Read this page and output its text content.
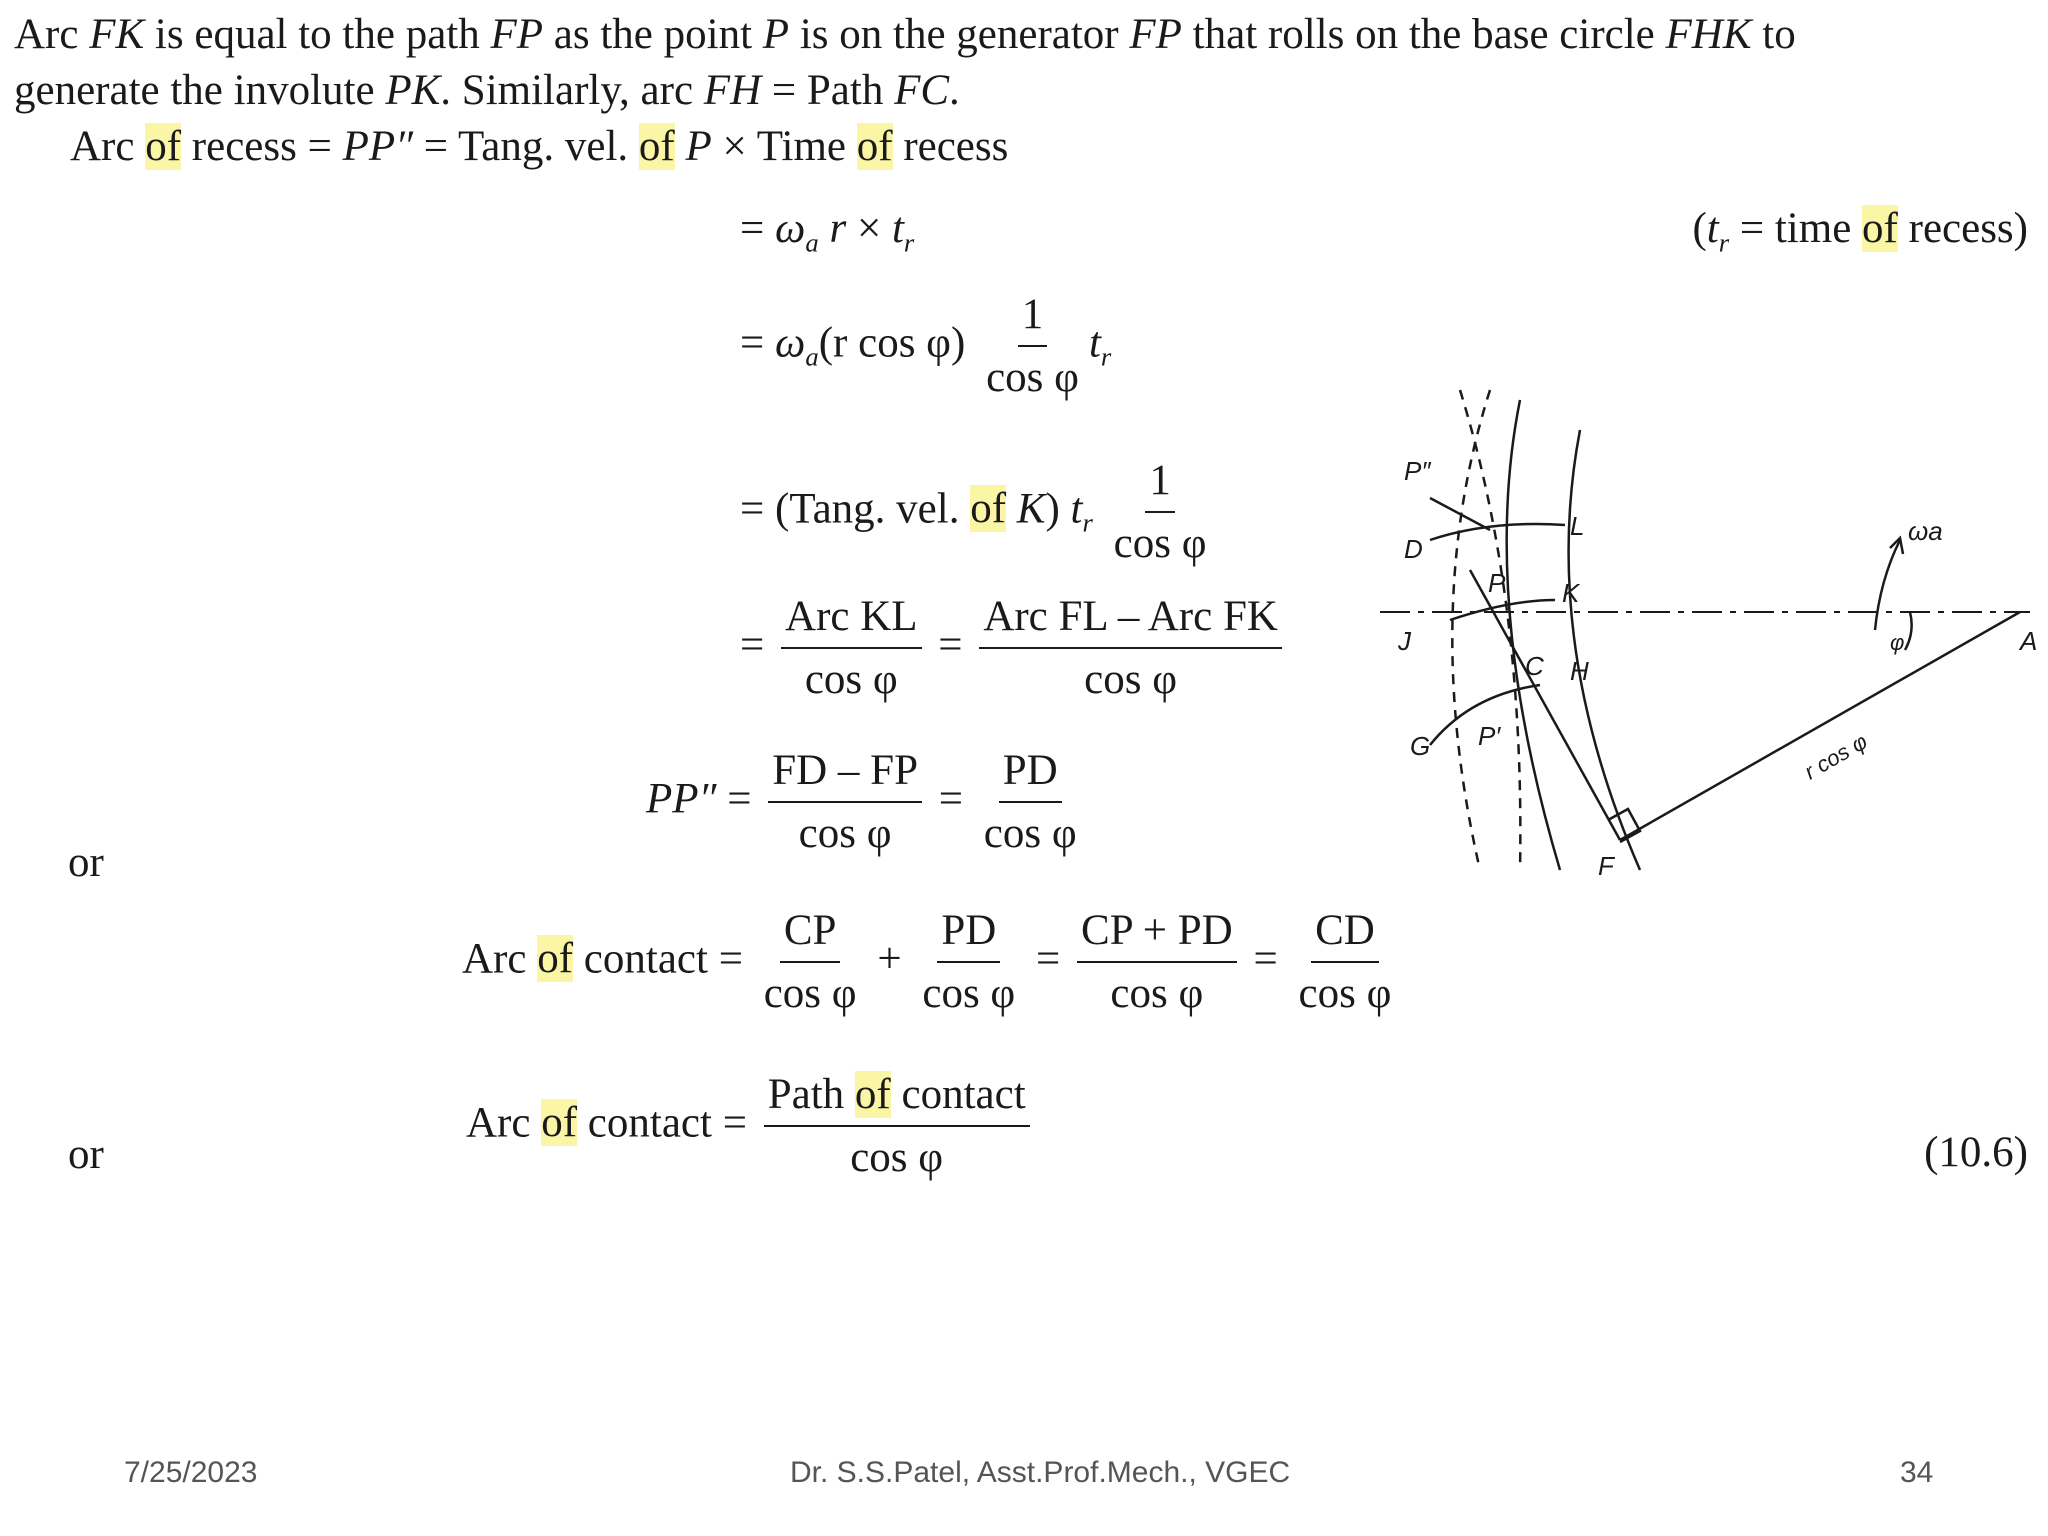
Arc FK is equal to the path FP as the point P is on the generator FP that rolls on the base circle FHK to
generate the involute PK. Similarly, arc FH = Path FC.
Arc of recess = PP″ = Tang. vel. of P × Time of recess
= $\omega_a$ $r \times t_r$	($t_r$ = time of recess)
= $\omega_a(r$ $\cos \varphi) \frac{1}{\text{cos φ}} t_r$
= (Tang. vel. of K) $t_r \frac{1}{\text{cos φ}}$
= $\frac{\text{Arc KL}}{\text{cos φ}} = \frac{\text{Arc FL – Arc FK}}{\text{cos φ}}$
or
$PP'' = \frac{FD - FP}{\text{cos φ}} = \frac{PD}{\text{cos φ}}$
Arc of contact = $\frac{CP}{\text{cos φ}} + \frac{PD}{\text{cos φ}} = \frac{CP + PD}{\text{cos φ}} = \frac{CD}{\text{cos φ}}$
or
Arc of contact = $\frac{\text{Path of contact}}{\text{cos φ}}$	(10.6)
P″
D
L
P K
J
C H
G P′
F
A
ωa
φ
r cos φ
7/25/2023	Dr. S.S.Patel, Asst.Prof.Mech., VGEC	34
